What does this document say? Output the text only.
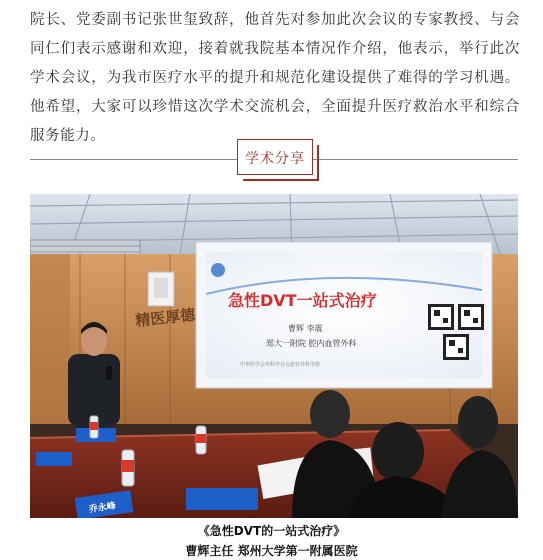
院长、党委副书记张世玺致辞，他首先对参加此次会议的专家教授、与会同仁们表示感谢和欢迎，接着就我院基本情况作介绍，他表示，举行此次学术会议，为我市医疗水平的提升和规范化建设提供了难得的学习机遇。他希望，大家可以珍惜这次学术交流机会，全面提升医疗救治水平和综合服务能力。

学术分享
精医厚德
急性DVT一站式治疗
曹辉 李震
郑大一附院 腔内血管外科
中华医学会外科学分会血管外科学组
乔永峰
《急性DVT的一站式治疗》
曹辉主任 郑州大学第一附属医院
